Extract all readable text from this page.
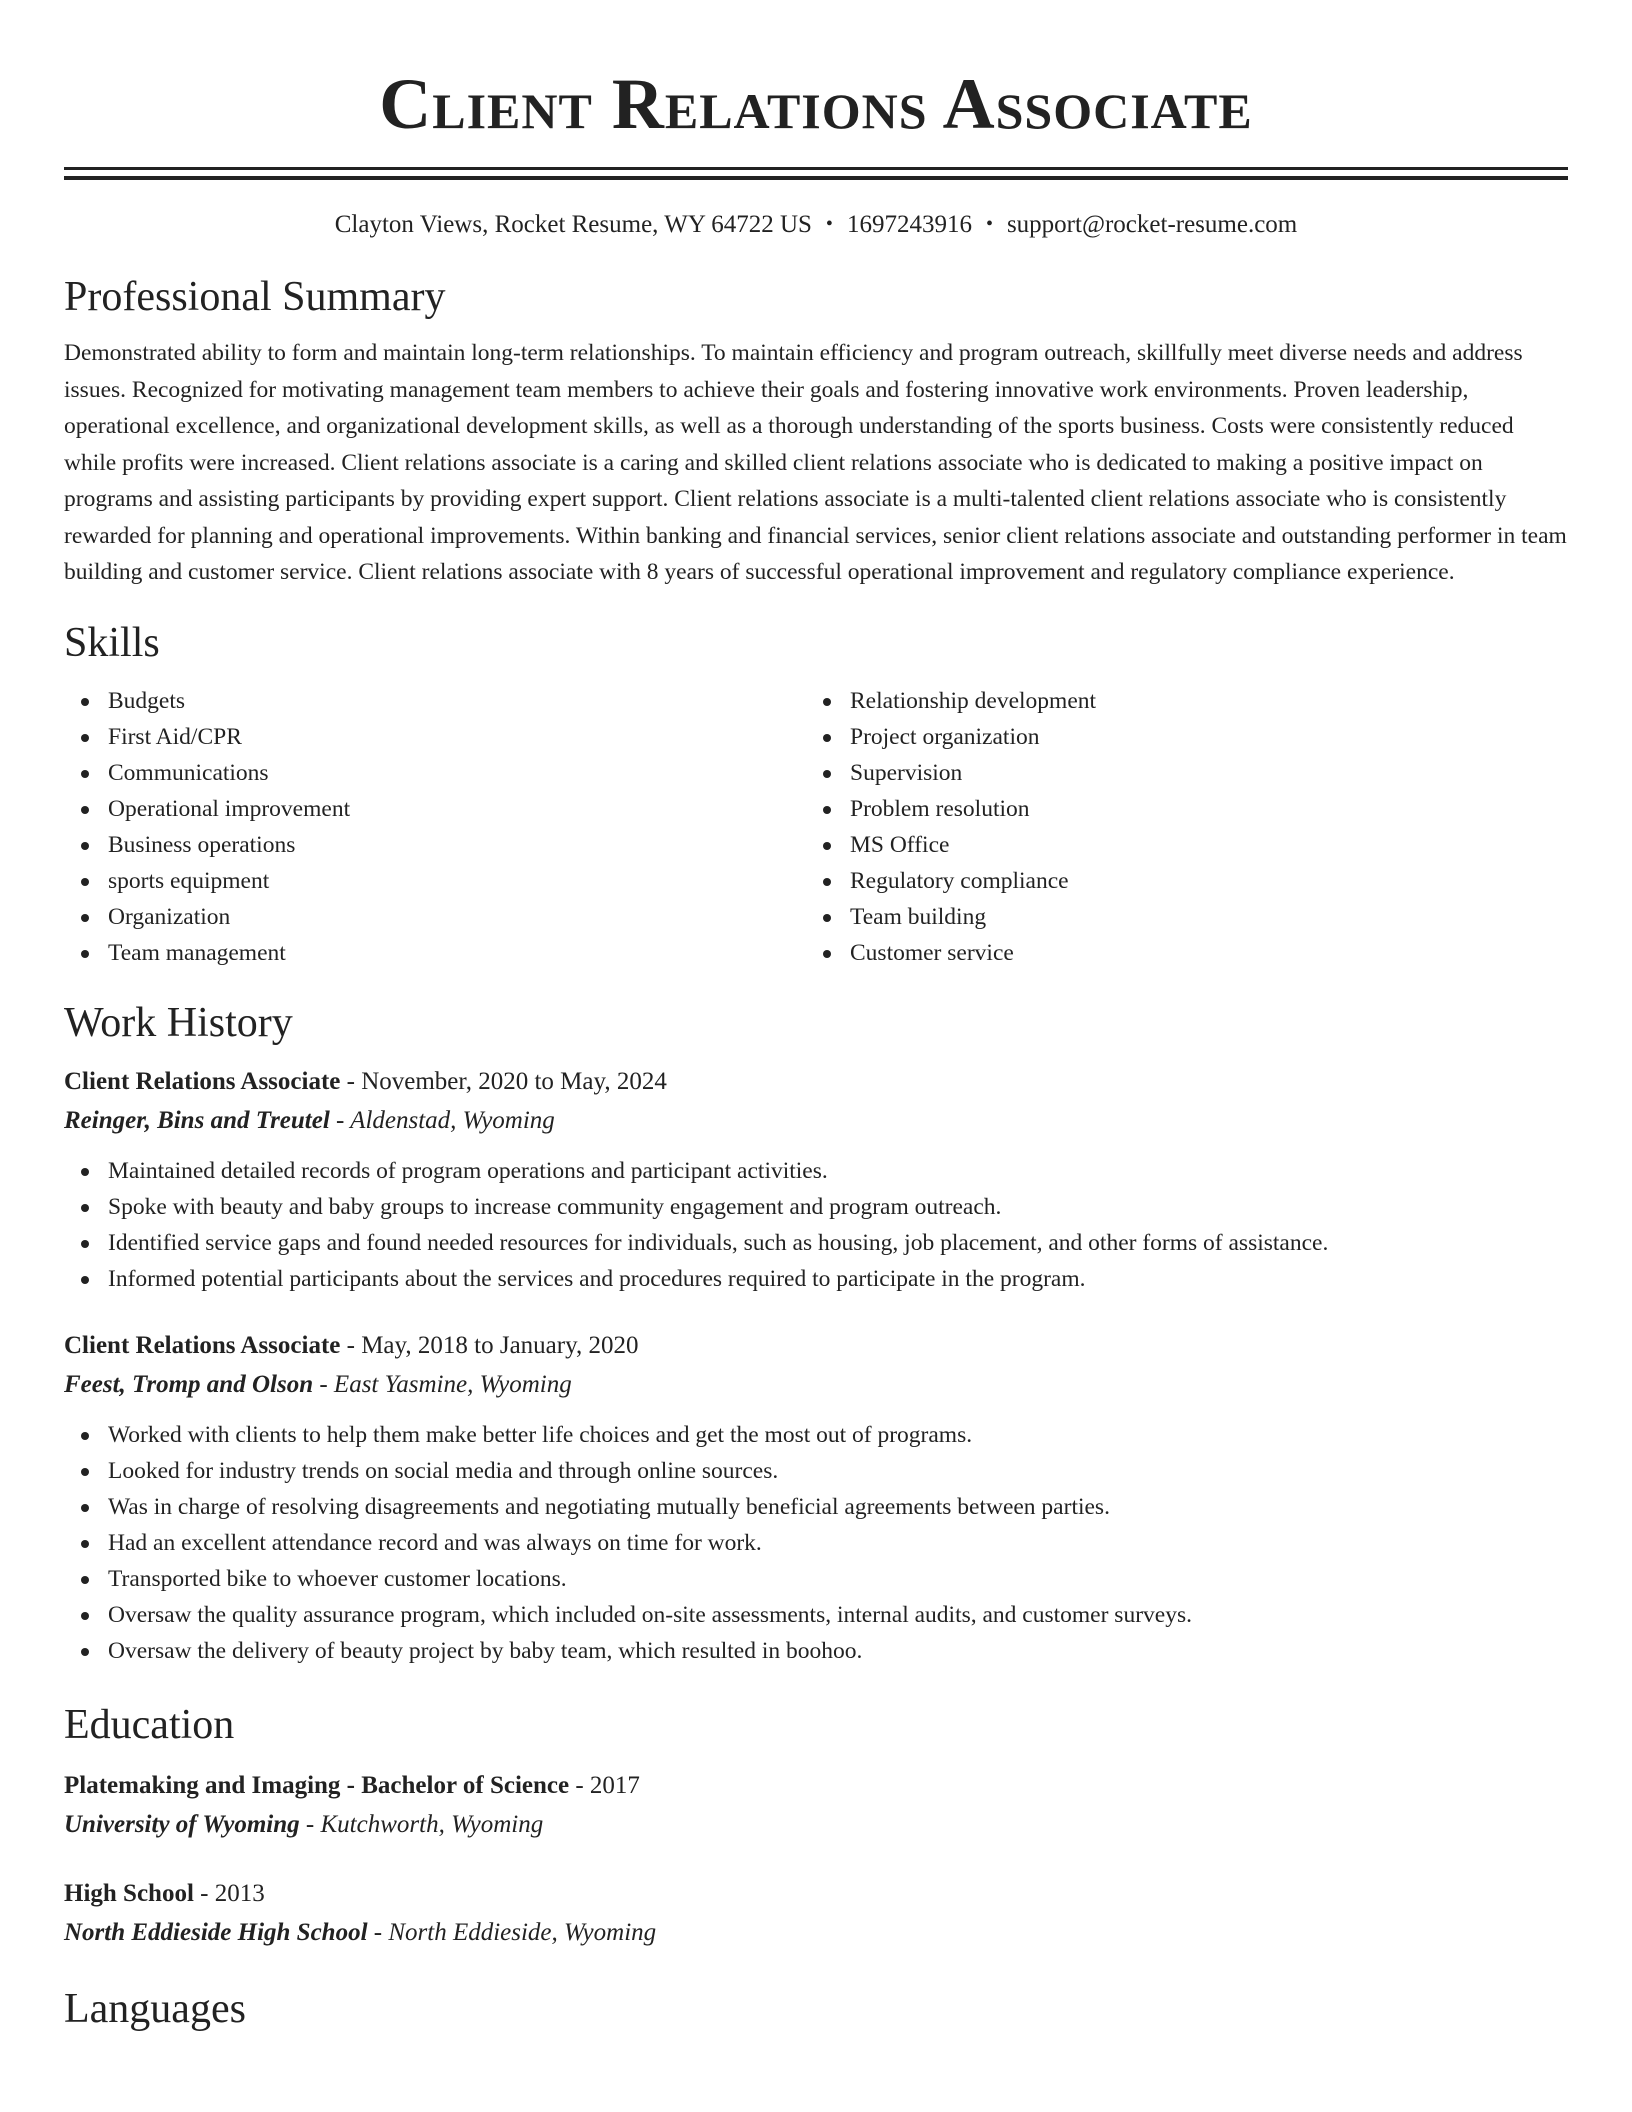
Client Relations Associate
Clayton Views, Rocket Resume, WY 64722 US • 1697243916 • support@rocket-resume.com
Professional Summary

Demonstrated ability to form and maintain long-term relationships. To maintain efficiency and program outreach, skillfully meet diverse needs and address issues. Recognized for motivating management team members to achieve their goals and fostering innovative work environments. Proven leadership, operational excellence, and organizational development skills, as well as a thorough understanding of the sports business. Costs were consistently reduced while profits were increased. Client relations associate is a caring and skilled client relations associate who is dedicated to making a positive impact on programs and assisting participants by providing expert support. Client relations associate is a multi-talented client relations associate who is consistently rewarded for planning and operational improvements. Within banking and financial services, senior client relations associate and outstanding performer in team building and customer service. Client relations associate with 8 years of successful operational improvement and regulatory compliance experience.

Skills
Budgets
First Aid/CPR
Communications
Operational improvement
Business operations
sports equipment
Organization
Team management
Relationship development
Project organization
Supervision
Problem resolution
MS Office
Regulatory compliance
Team building
Customer service
Work History
Client Relations Associate - November, 2020 to May, 2024
Reinger, Bins and Treutel - Aldenstad, Wyoming
Maintained detailed records of program operations and participant activities.
Spoke with beauty and baby groups to increase community engagement and program outreach.
Identified service gaps and found needed resources for individuals, such as housing, job placement, and other forms of assistance.
Informed potential participants about the services and procedures required to participate in the program.
Client Relations Associate - May, 2018 to January, 2020
Feest, Tromp and Olson - East Yasmine, Wyoming
Worked with clients to help them make better life choices and get the most out of programs.
Looked for industry trends on social media and through online sources.
Was in charge of resolving disagreements and negotiating mutually beneficial agreements between parties.
Had an excellent attendance record and was always on time for work.
Transported bike to whoever customer locations.
Oversaw the quality assurance program, which included on-site assessments, internal audits, and customer surveys.
Oversaw the delivery of beauty project by baby team, which resulted in boohoo.
Education
Platemaking and Imaging - Bachelor of Science - 2017
University of Wyoming - Kutchworth, Wyoming
High School - 2013
North Eddieside High School - North Eddieside, Wyoming
Languages
